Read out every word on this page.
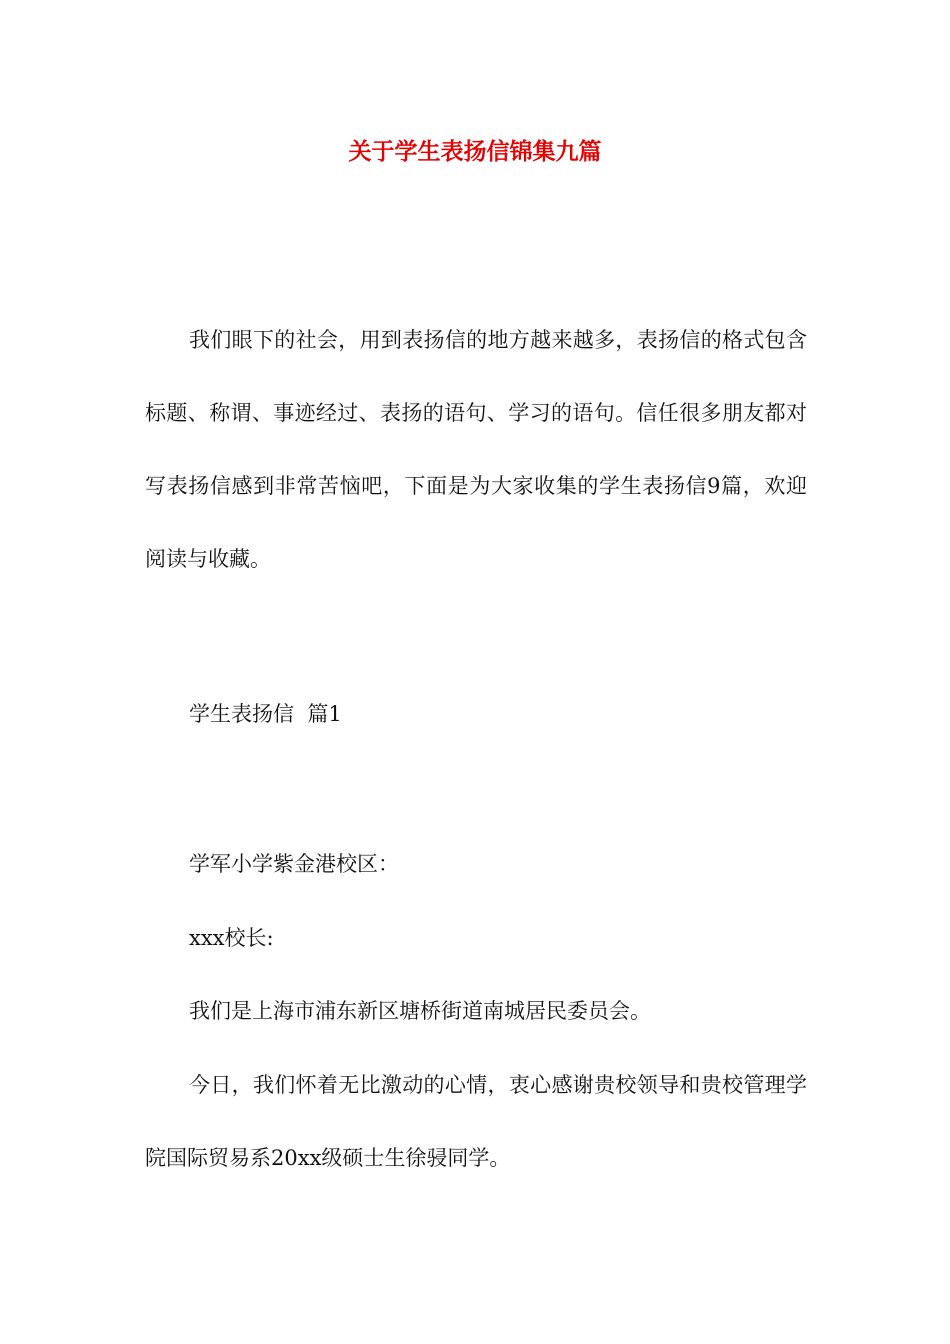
关于学生表扬信锦集九篇

我们眼下的社会，用到表扬信的地方越来越多，表扬信的格式包含标题、称谓、事迹经过、表扬的语句、学习的语句。信任很多朋友都对写表扬信感到非常苦恼吧，下面是为大家收集的学生表扬信9篇，欢迎阅读与收藏。

学生表扬信  篇1

学军小学紫金港校区：

xxx校长:

我们是上海市浦东新区塘桥街道南城居民委员会。

今日，我们怀着无比激动的心情，衷心感谢贵校领导和贵校管理学院国际贸易系20xx级硕士生徐骎同学。
